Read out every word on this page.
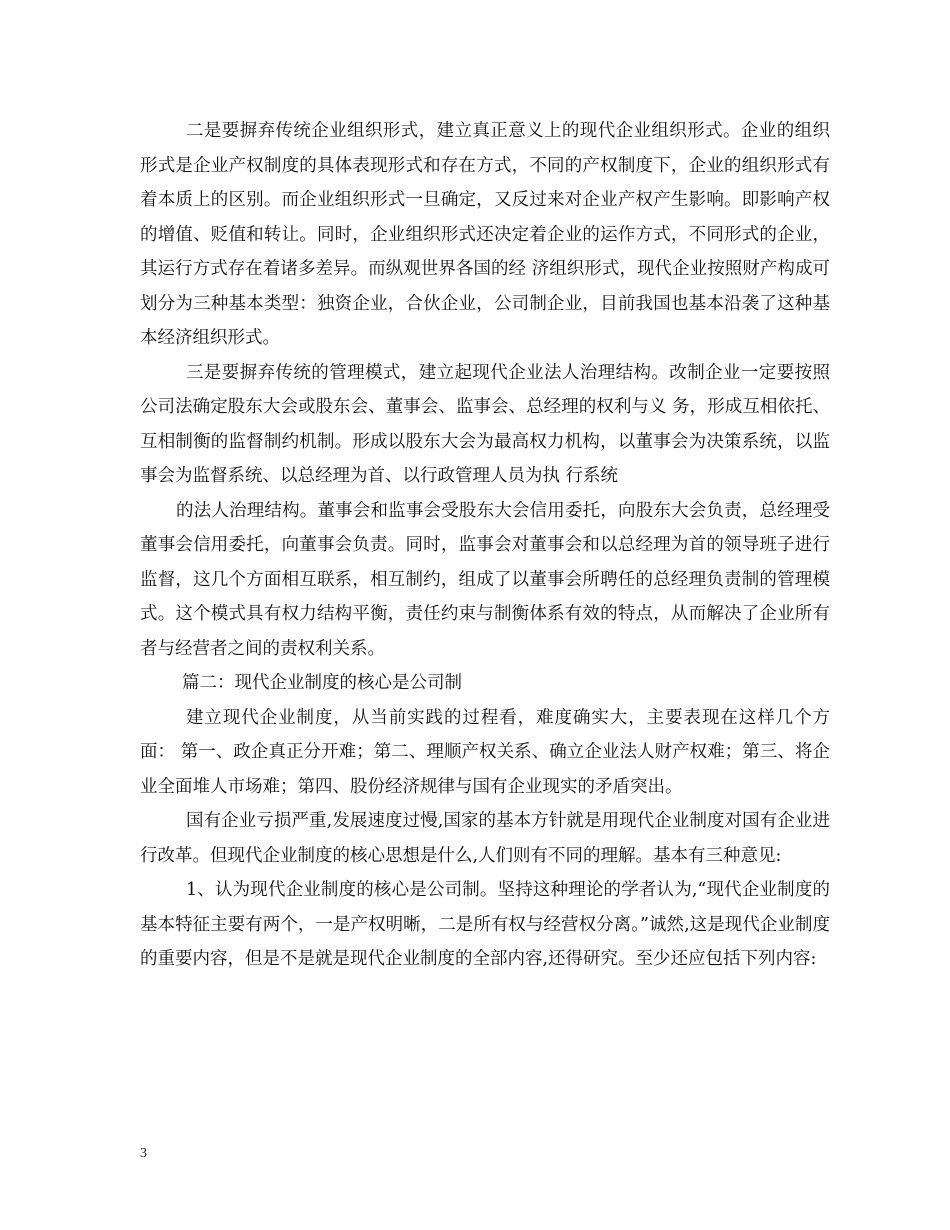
二是要摒弃传统企业组织形式，建立真正意义上的现代企业组织形式。企业的组织形式是企业产权制度的具体表现形式和存在方式，不同的产权制度下，企业的组织形式有着本质上的区别。而企业组织形式一旦确定，又反过来对企业产权产生影响。即影响产权的增值、贬值和转让。同时，企业组织形式还决定着企业的运作方式，不同形式的企业，其运行方式存在着诸多差异。而纵观世界各国的经 济组织形式，现代企业按照财产构成可划分为三种基本类型：独资企业，合伙企业，公司制企业，目前我国也基本沿袭了这种基本经济组织形式。

三是要摒弃传统的管理模式，建立起现代企业法人治理结构。改制企业一定要按照公司法确定股东大会或股东会、董事会、监事会、总经理的权利与义 务，形成互相依托、互相制衡的监督制约机制。形成以股东大会为最高权力机构，以董事会为决策系统，以监事会为监督系统、以总经理为首、以行政管理人员为执 行系统

的法人治理结构。董事会和监事会受股东大会信用委托，向股东大会负责，总经理受董事会信用委托，向董事会负责。同时，监事会对董事会和以总经理为首的领导班子进行监督，这几个方面相互联系，相互制约，组成了以董事会所聘任的总经理负责制的管理模式。这个模式具有权力结构平衡，责任约束与制衡体系有效的特点，从而解决了企业所有者与经营者之间的责权利关系。

篇二：现代企业制度的核心是公司制

建立现代企业制度，从当前实践的过程看，难度确实大，主要表现在这样几个方面： 第一、政企真正分开难；第二、理顺产权关系、确立企业法人财产权难；第三、将企业全面堆人市场难；第四、股份经济规律与国有企业现实的矛盾突出。

国有企业亏损严重,发展速度过慢,国家的基本方针就是用现代企业制度对国有企业进行改革。但现代企业制度的核心思想是什么,人们则有不同的理解。基本有三种意见:

1、认为现代企业制度的核心是公司制。坚持这种理论的学者认为,“现代企业制度的基本特征主要有两个，一是产权明晰，二是所有权与经营权分离。”诚然,这是现代企业制度的重要内容，但是不是就是现代企业制度的全部内容,还得研究。至少还应包括下列内容:

3
